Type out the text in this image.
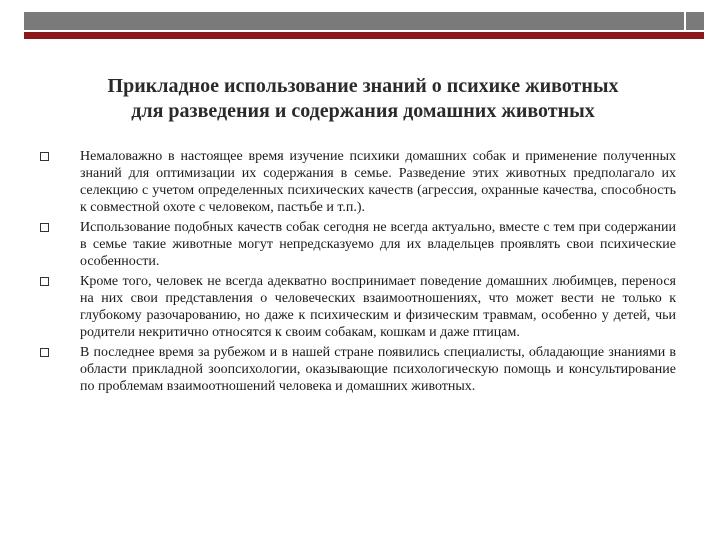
Прикладное использование знаний о психике животных
для разведения и содержания домашних животных
Немаловажно в настоящее время изучение психики домашних собак и применение полученных знаний для оптимизации их содержания в семье. Разведение этих животных предполагало их селекцию с учетом определенных психических качеств (агрессия, охранные качества, способность к совместной охоте с человеком, пастьбе и т.п.).
Использование подобных качеств собак сегодня не всегда актуально, вместе с тем при содержании в семье такие животные могут непредсказуемо для их владельцев проявлять свои психические особенности.
Кроме того, человек не всегда адекватно воспринимает поведение домашних любимцев, перенося на них свои представления о человеческих взаимоотношениях, что может вести не только к глубокому разочарованию, но даже к психическим и физическим травмам, особенно у детей, чьи родители некритично относятся к своим собакам, кошкам и даже птицам.
В последнее время за рубежом и в нашей стране появились специалисты, обладающие знаниями в области прикладной зоопсихологии, оказывающие психологическую помощь и консультирование по проблемам взаимоотношений человека и домашних животных.
